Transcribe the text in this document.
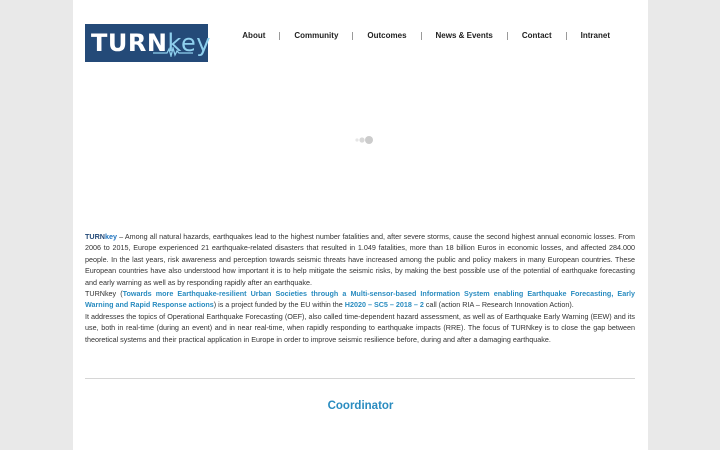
TURNkey	About	Community	Outcomes	News & Events	Contact	Intranet

TURNkey – Among all natural hazards, earthquakes lead to the highest number fatalities and, after severe storms, cause the second highest annual economic losses. From 2006 to 2015, Europe experienced 21 earthquake-related disasters that resulted in 1.049 fatalities, more than 18 billion Euros in economic losses, and affected 284.000 people. In the last years, risk awareness and perception towards seismic threats have increased among the public and policy makers in many European countries. These European countries have also understood how important it is to help mitigate the seismic risks, by making the best possible use of the potential of earthquake forecasting and early warning as well as by responding rapidly after an earthquake.

TURNkey (Towards more Earthquake-resilient Urban Societies through a Multi-sensor-based Information System enabling Earthquake Forecasting, Early Warning and Rapid Response actions) is a project funded by the EU within the H2020 – SC5 – 2018 – 2 call (action RIA – Research Innovation Action).

It addresses the topics of Operational Earthquake Forecasting (OEF), also called time-dependent hazard assessment, as well as of Earthquake Early Warning (EEW) and its use, both in real-time (during an event) and in near real-time, when rapidly responding to earthquake impacts (RRE). The focus of TURNkey is to close the gap between theoretical systems and their practical application in Europe in order to improve seismic resilience before, during and after a damaging earthquake.

Coordinator
